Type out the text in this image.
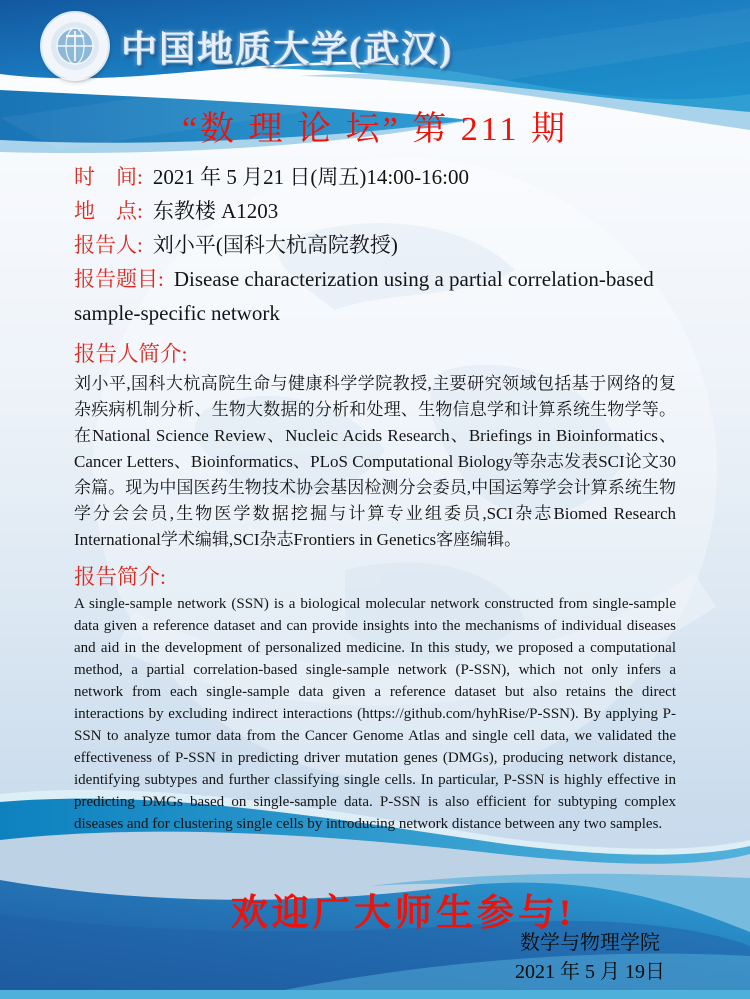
中国地质大学(武汉)
“数 理 论 坛” 第 211 期

时　间: 2021 年 5 月21 日(周五)14:00-16:00

地　点: 东教楼 A1203

报告人: 刘小平(国科大杭高院教授)

报告题目: Disease characterization using a partial correlation-based sample-specific network

报告人简介:

刘小平,国科大杭高院生命与健康科学学院教授,主要研究领域包括基于网络的复杂疾病机制分析、生物大数据的分析和处理、生物信息学和计算系统生物学等。在National Science Review、Nucleic Acids Research、Briefings in Bioinformatics、Cancer Letters、Bioinformatics、PLoS Computational Biology等杂志发表SCI论文30余篇。现为中国医药生物技术协会基因检测分会委员,中国运筹学会计算系统生物学分会会员,生物医学数据挖掘与计算专业组委员,SCI杂志Biomed Research International学术编辑,SCI杂志Frontiers in Genetics客座编辑。

报告简介:

A single-sample network (SSN) is a biological molecular network constructed from single-sample data given a reference dataset and can provide insights into the mechanisms of individual diseases and aid in the development of personalized medicine. In this study, we proposed a computational method, a partial correlation-based single-sample network (P-SSN), which not only infers a network from each single-sample data given a reference dataset but also retains the direct interactions by excluding indirect interactions (https://github.com/hyhRise/P-SSN). By applying P-SSN to analyze tumor data from the Cancer Genome Atlas and single cell data, we validated the effectiveness of P-SSN in predicting driver mutation genes (DMGs), producing network distance, identifying subtypes and further classifying single cells. In particular, P-SSN is highly effective in predicting DMGs based on single-sample data. P-SSN is also efficient for subtyping complex diseases and for clustering single cells by introducing network distance between any two samples.

欢迎广大师生参与!
数学与物理学院
2021 年 5 月 19日
